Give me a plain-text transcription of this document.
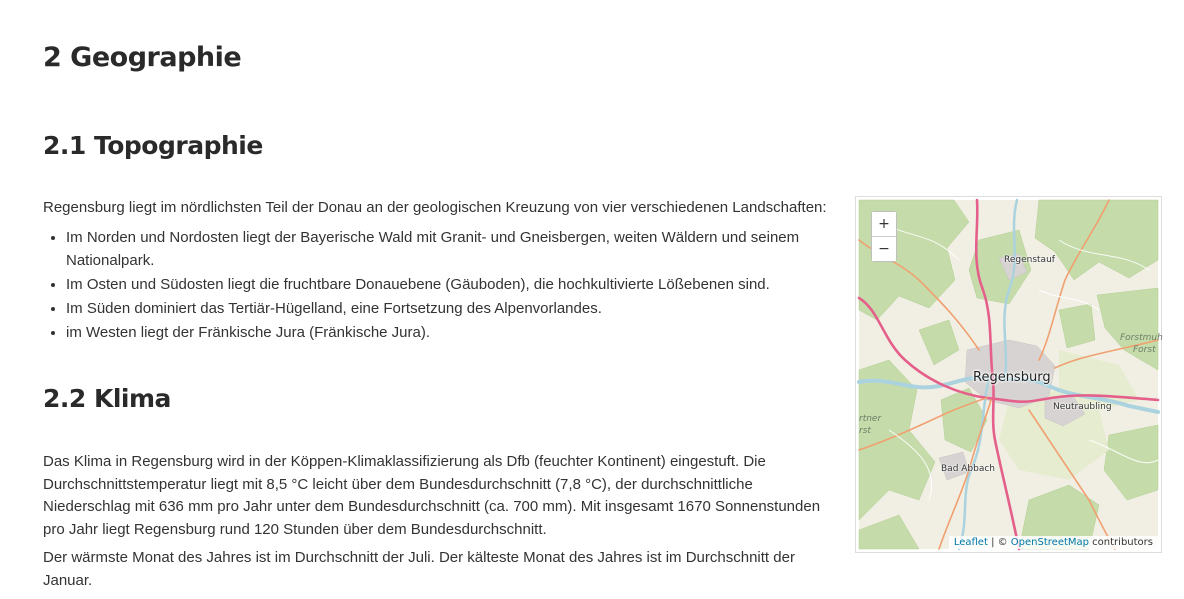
2 Geographie
2.1 Topographie

Regensburg liegt im nördlichsten Teil der Donau an der geologischen Kreuzung von vier verschiedenen Landschaften:

• Im Norden und Nordosten liegt der Bayerische Wald mit Granit- und Gneisbergen, weiten Wäldern und seinem Nationalpark.
• Im Osten und Südosten liegt die fruchtbare Donauebene (Gäuboden), die hochkultivierte Lößebenen sind.
• Im Süden dominiert das Tertiär-Hügelland, eine Fortsetzung des Alpenvorlandes.
• im Westen liegt der Fränkische Jura (Fränkische Jura).
2.2 Klima

Das Klima in Regensburg wird in der Köppen-Klimaklassifizierung als Dfb (feuchter Kontinent) eingestuft. Die Durchschnittstemperatur liegt mit 8,5 °C leicht über dem Bundesdurchschnitt (7,8 °C), der durchschnittliche Niederschlag mit 636 mm pro Jahr unter dem Bundesdurchschnitt (ca. 700 mm). Mit insgesamt 1670 Sonnenstunden pro Jahr liegt Regensburg rund 120 Stunden über dem Bundesdurchschnitt.

Der wärmste Monat des Jahres ist im Durchschnitt der Juli. Der kälteste Monat des Jahres ist im Durchschnitt der Januar.

Regenstauf
Regensburg
Neutraubling
Bad Abbach
Forstmuh
Forst
rtner
rst
+
−
Leaflet | © OpenStreetMap contributors
